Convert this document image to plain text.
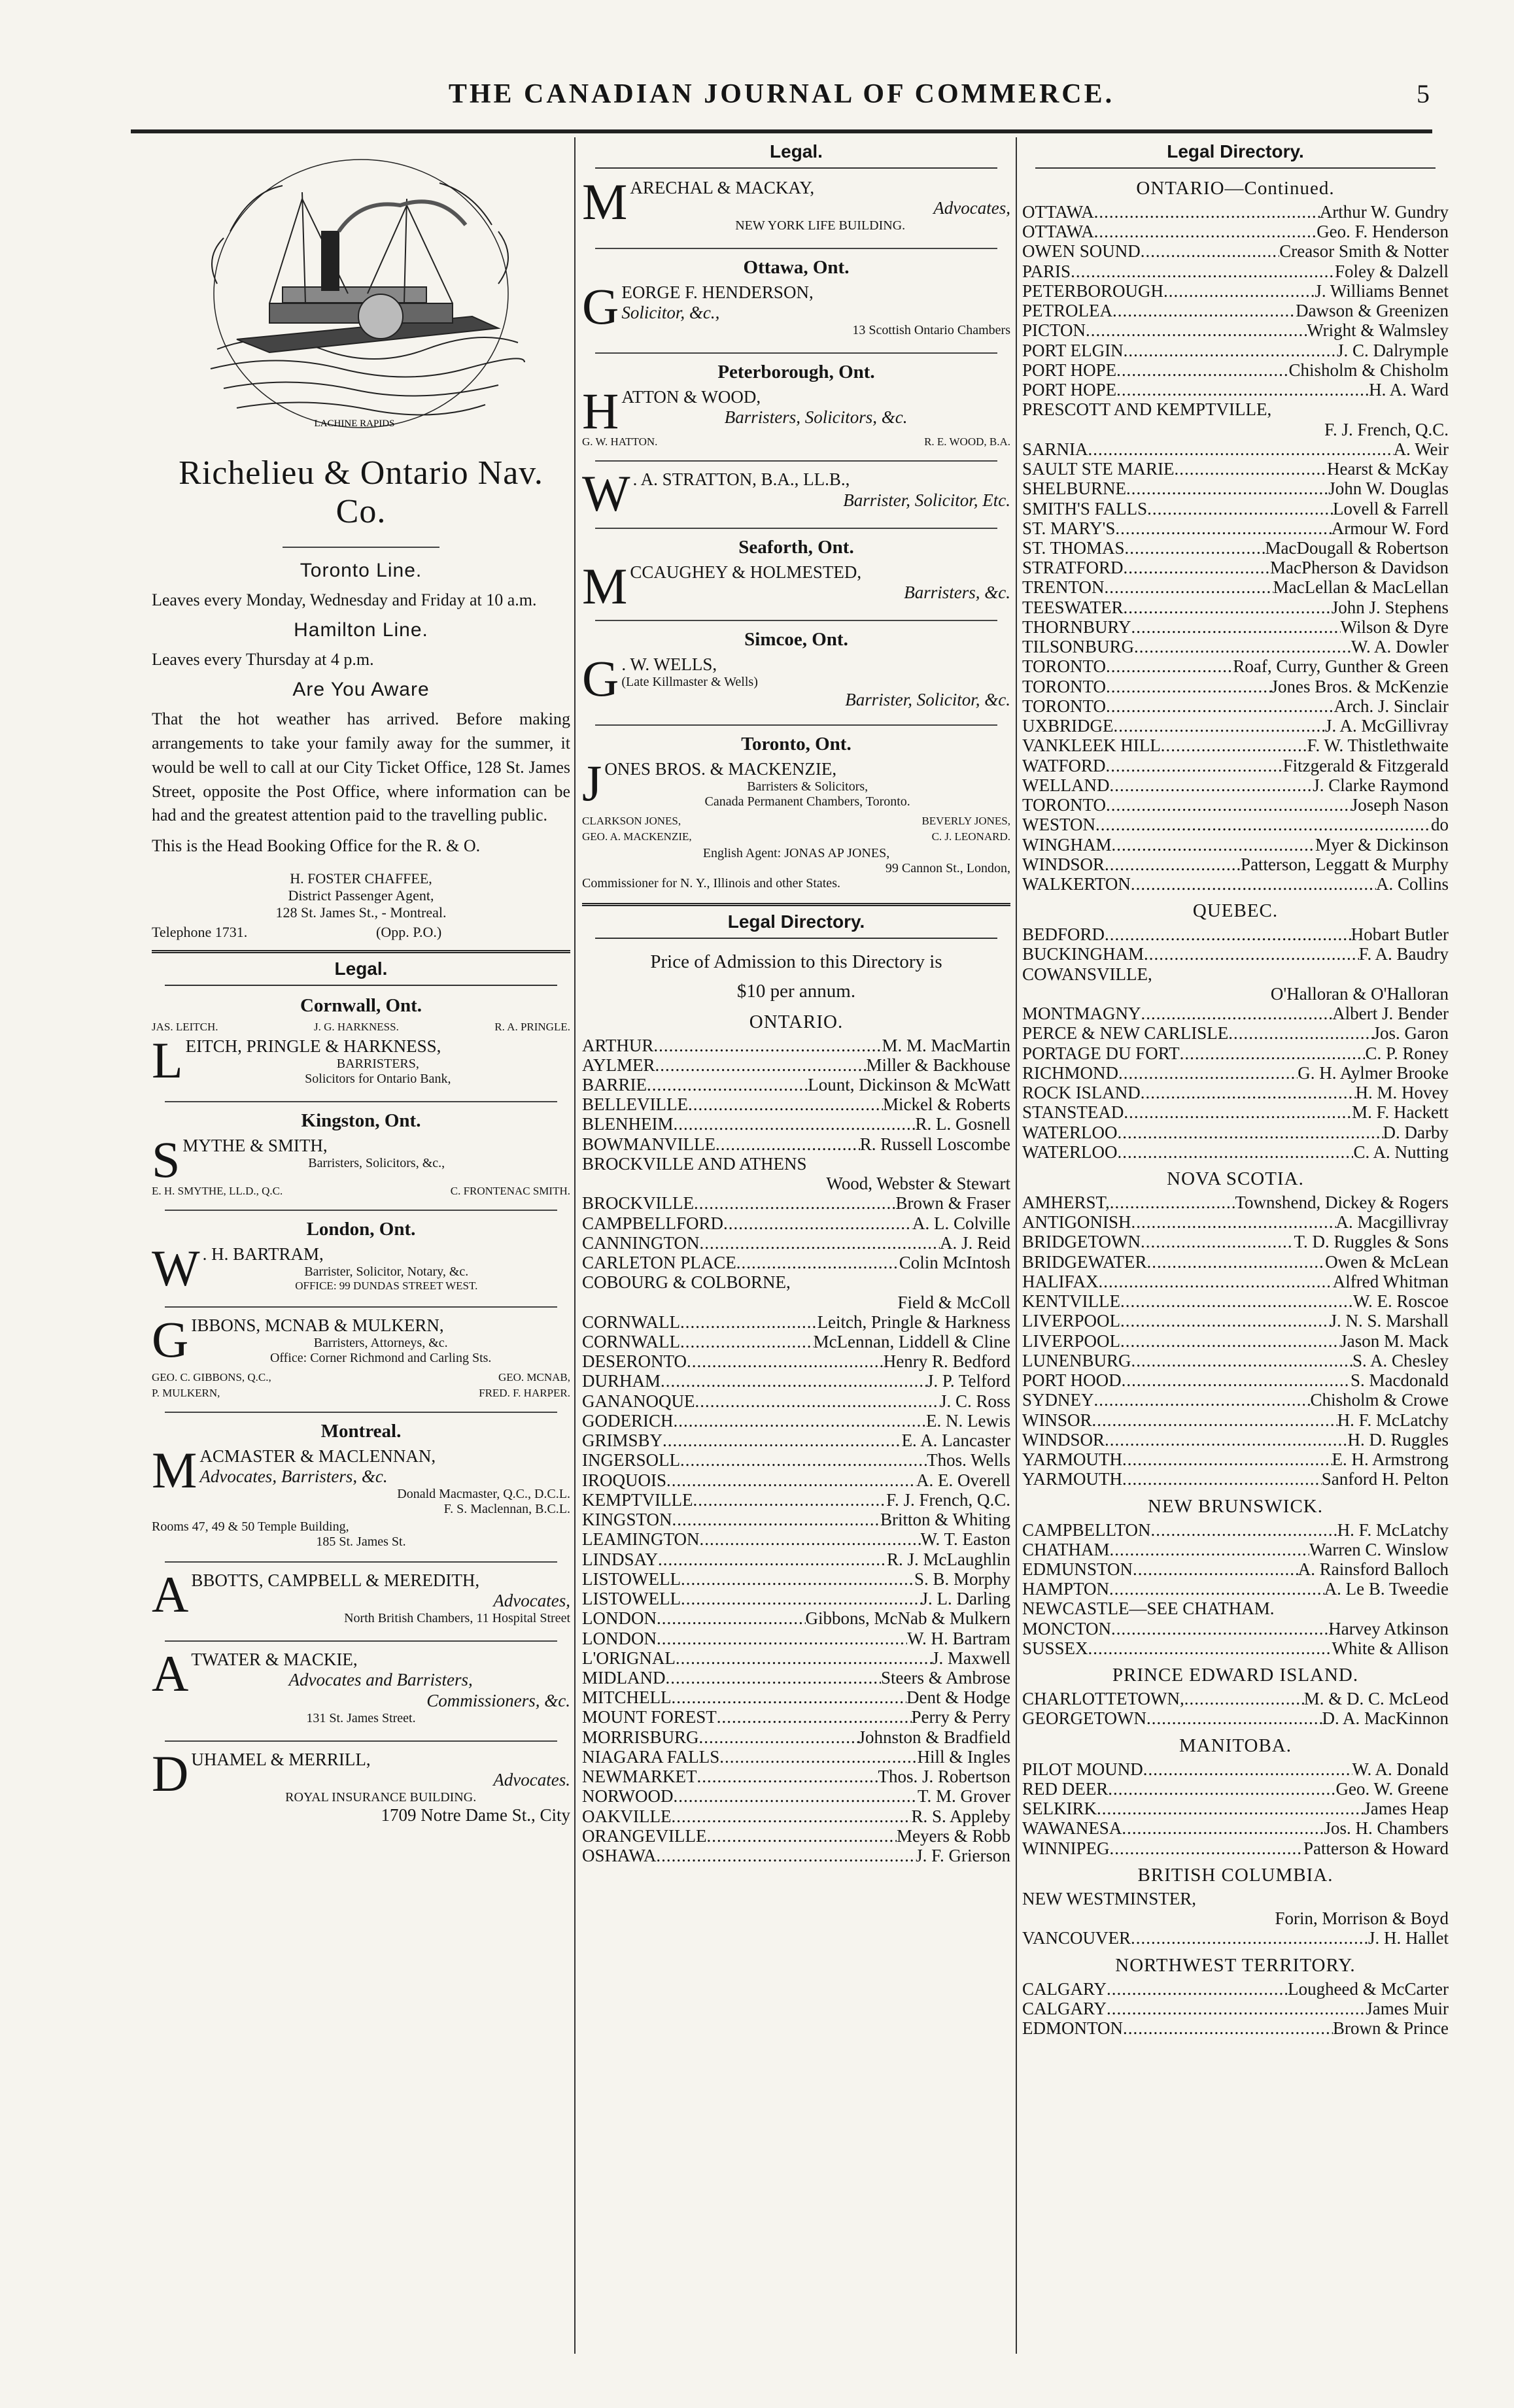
THE CANADIAN JOURNAL OF COMMERCE.	5
LACHINE RAPIDS
Richelieu & Ontario Nav. Co.
Toronto Line.
Leaves every Monday, Wednesday and Friday at 10 a.m.
Hamilton Line.
Leaves every Thursday at 4 p.m.
Are You Aware
That the hot weather has arrived. Before making arrangements to take your family away for the summer, it would be well to call at our City Ticket Office, 128 St. James Street, opposite the Post Office, where information can be had and the greatest attention paid to the travelling public.
This is the Head Booking Office for the R. & O.
H. FOSTER CHAFFEE,
District Passenger Agent,
128 St. James St., - Montreal.
Telephone 1731.	(Opp. P.O.)
Legal.
Cornwall, Ont.
JAS. LEITCH.	J. G. HARKNESS.	R. A. PRINGLE.
L EITCH, PRINGLE & HARKNESS,
BARRISTERS,
Solicitors for Ontario Bank,
Kingston, Ont.
S MYTHE & SMITH,
Barristers, Solicitors, &c.,
E. H. SMYTHE, LL.D., Q.C.	C. FRONTENAC SMITH.
London, Ont.
W . H. BARTRAM,
Barrister, Solicitor, Notary, &c.
OFFICE: 99 DUNDAS STREET WEST.
G IBBONS, MCNAB & MULKERN,
Barristers, Attorneys, &c.
Office: Corner Richmond and Carling Sts.
GEO. C. GIBBONS, Q.C.,	GEO. MCNAB,
P. MULKERN,	FRED. F. HARPER.
Montreal.
M ACMASTER & MACLENNAN,
Advocates, Barristers, &c.
Donald Macmaster, Q.C., D.C.L.
F. S. Maclennan, B.C.L.
Rooms 47, 49 & 50 Temple Building,
185 St. James St.
A BBOTTS, CAMPBELL & MEREDITH,
Advocates,
North British Chambers, 11 Hospital Street
A TWATER & MACKIE,
Advocates and Barristers,
Commissioners, &c.
131 St. James Street.
D UHAMEL & MERRILL,
Advocates.
ROYAL INSURANCE BUILDING.
1709 Notre Dame St., City
Legal.
M ARECHAL & MACKAY,
Advocates,
NEW YORK LIFE BUILDING.
Ottawa, Ont.
G EORGE F. HENDERSON,
Solicitor, &c.,
13 Scottish Ontario Chambers
Peterborough, Ont.
H ATTON & WOOD,
Barristers, Solicitors, &c.
G. W. HATTON.	R. E. WOOD, B.A.
W . A. STRATTON, B.A., LL.B.,
Barrister, Solicitor, Etc.
Seaforth, Ont.
M CCAUGHEY & HOLMESTED,
Barristers, &c.
Simcoe, Ont.
G . W. WELLS,
(Late Killmaster & Wells)
Barrister, Solicitor, &c.
Toronto, Ont.
J ONES BROS. & MACKENZIE,
Barristers & Solicitors,
Canada Permanent Chambers, Toronto.
CLARKSON JONES,	BEVERLY JONES,
GEO. A. MACKENZIE,	C. J. LEONARD.
English Agent: JONAS AP JONES,
99 Cannon St., London,
Commissioner for N. Y., Illinois and other States.
Legal Directory.
Price of Admission to this Directory is
$10 per annum.
ONTARIO.
ARTHUR .....	M. M. MacMartin
AYLMER .....	Miller & Backhouse
BARRIE .....	Lount, Dickinson & McWatt
BELLEVILLE .....	Mickel & Roberts
BLENHEIM .....	R. L. Gosnell
BOWMANVILLE .....	R. Russell Loscombe
BROCKVILLE AND ATHENS
Wood, Webster & Stewart
BROCKVILLE .....	Brown & Fraser
CAMPBELLFORD .....	A. L. Colville
CANNINGTON .....	A. J. Reid
CARLETON PLACE .....	Colin McIntosh
COBOURG & COLBORNE,
Field & McColl
CORNWALL .....	Leitch, Pringle & Harkness
CORNWALL .....	McLennan, Liddell & Cline
DESERONTO .....	Henry R. Bedford
DURHAM .....	J. P. Telford
GANANOQUE .....	J. C. Ross
GODERICH .....	E. N. Lewis
GRIMSBY .....	E. A. Lancaster
INGERSOLL .....	Thos. Wells
IROQUOIS .....	A. E. Overell
KEMPTVILLE .....	F. J. French, Q.C.
KINGSTON .....	Britton & Whiting
LEAMINGTON .....	W. T. Easton
LINDSAY .....	R. J. McLaughlin
LISTOWELL .....	S. B. Morphy
LISTOWELL .....	J. L. Darling
LONDON .....	Gibbons, McNab & Mulkern
LONDON .....	W. H. Bartram
L'ORIGNAL .....	J. Maxwell
MIDLAND .....	Steers & Ambrose
MITCHELL .....	Dent & Hodge
MOUNT FOREST .....	Perry & Perry
MORRISBURG .....	Johnston & Bradfield
NIAGARA FALLS .....	Hill & Ingles
NEWMARKET .....	Thos. J. Robertson
NORWOOD .....	T. M. Grover
OAKVILLE .....	R. S. Appleby
ORANGEVILLE .....	Meyers & Robb
OSHAWA .....	J. F. Grierson
Legal Directory.
ONTARIO—Continued.
OTTAWA .....	Arthur W. Gundry
OTTAWA .....	Geo. F. Henderson
OWEN SOUND .....	Creasor Smith & Notter
PARIS .....	Foley & Dalzell
PETERBOROUGH .....	J. Williams Bennet
PETROLEA .....	Dawson & Greenizen
PICTON .....	Wright & Walmsley
PORT ELGIN .....	J. C. Dalrymple
PORT HOPE .....	Chisholm & Chisholm
PORT HOPE .....	H. A. Ward
PRESCOTT AND KEMPTVILLE,
F. J. French, Q.C.
SARNIA .....	A. Weir
SAULT STE MARIE .....	Hearst & McKay
SHELBURNE .....	John W. Douglas
SMITH'S FALLS .....	Lovell & Farrell
ST. MARY'S .....	Armour W. Ford
ST. THOMAS .....	MacDougall & Robertson
STRATFORD .....	MacPherson & Davidson
TRENTON .....	MacLellan & MacLellan
TEESWATER .....	John J. Stephens
THORNBURY .....	Wilson & Dyre
TILSONBURG .....	W. A. Dowler
TORONTO .....	Roaf, Curry, Gunther & Green
TORONTO .....	Jones Bros. & McKenzie
TORONTO .....	Arch. J. Sinclair
UXBRIDGE .....	J. A. McGillivray
VANKLEEK HILL .....	F. W. Thistlethwaite
WATFORD .....	Fitzgerald & Fitzgerald
WELLAND .....	J. Clarke Raymond
TORONTO .....	Joseph Nason
WESTON .....	do
WINGHAM .....	Myer & Dickinson
WINDSOR .....	Patterson, Leggatt & Murphy
WALKERTON .....	A. Collins
QUEBEC.
BEDFORD .....	Hobart Butler
BUCKINGHAM .....	F. A. Baudry
COWANSVILLE,
O'Halloran & O'Halloran
MONTMAGNY .....	Albert J. Bender
PERCE & NEW CARLISLE .....	Jos. Garon
PORTAGE DU FORT .....	C. P. Roney
RICHMOND .....	G. H. Aylmer Brooke
ROCK ISLAND .....	H. M. Hovey
STANSTEAD .....	M. F. Hackett
WATERLOO .....	D. Darby
WATERLOO .....	C. A. Nutting
NOVA SCOTIA.
AMHERST, .....	Townshend, Dickey & Rogers
ANTIGONISH .....	A. Macgillivray
BRIDGETOWN .....	T. D. Ruggles & Sons
BRIDGEWATER .....	Owen & McLean
HALIFAX .....	Alfred Whitman
KENTVILLE .....	W. E. Roscoe
LIVERPOOL .....	J. N. S. Marshall
LIVERPOOL .....	Jason M. Mack
LUNENBURG .....	S. A. Chesley
PORT HOOD .....	S. Macdonald
SYDNEY .....	Chisholm & Crowe
WINSOR .....	H. F. McLatchy
WINDSOR .....	H. D. Ruggles
YARMOUTH .....	E. H. Armstrong
YARMOUTH .....	Sanford H. Pelton
NEW BRUNSWICK.
CAMPBELLTON .....	H. F. McLatchy
CHATHAM .....	Warren C. Winslow
EDMUNSTON .....	A. Rainsford Balloch
HAMPTON .....	A. Le B. Tweedie
NEWCASTLE—SEE CHATHAM.
MONCTON .....	Harvey Atkinson
SUSSEX .....	White & Allison
PRINCE EDWARD ISLAND.
CHARLOTTETOWN, .....	M. & D. C. McLeod
GEORGETOWN .....	D. A. MacKinnon
MANITOBA.
PILOT MOUND .....	W. A. Donald
RED DEER .....	Geo. W. Greene
SELKIRK .....	James Heap
WAWANESA .....	Jos. H. Chambers
WINNIPEG .....	Patterson & Howard
BRITISH COLUMBIA.
NEW WESTMINSTER,
Forin, Morrison & Boyd
VANCOUVER .....	J. H. Hallet
NORTHWEST TERRITORY.
CALGARY .....	Lougheed & McCarter
CALGARY .....	James Muir
EDMONTON .....	Brown & Prince
